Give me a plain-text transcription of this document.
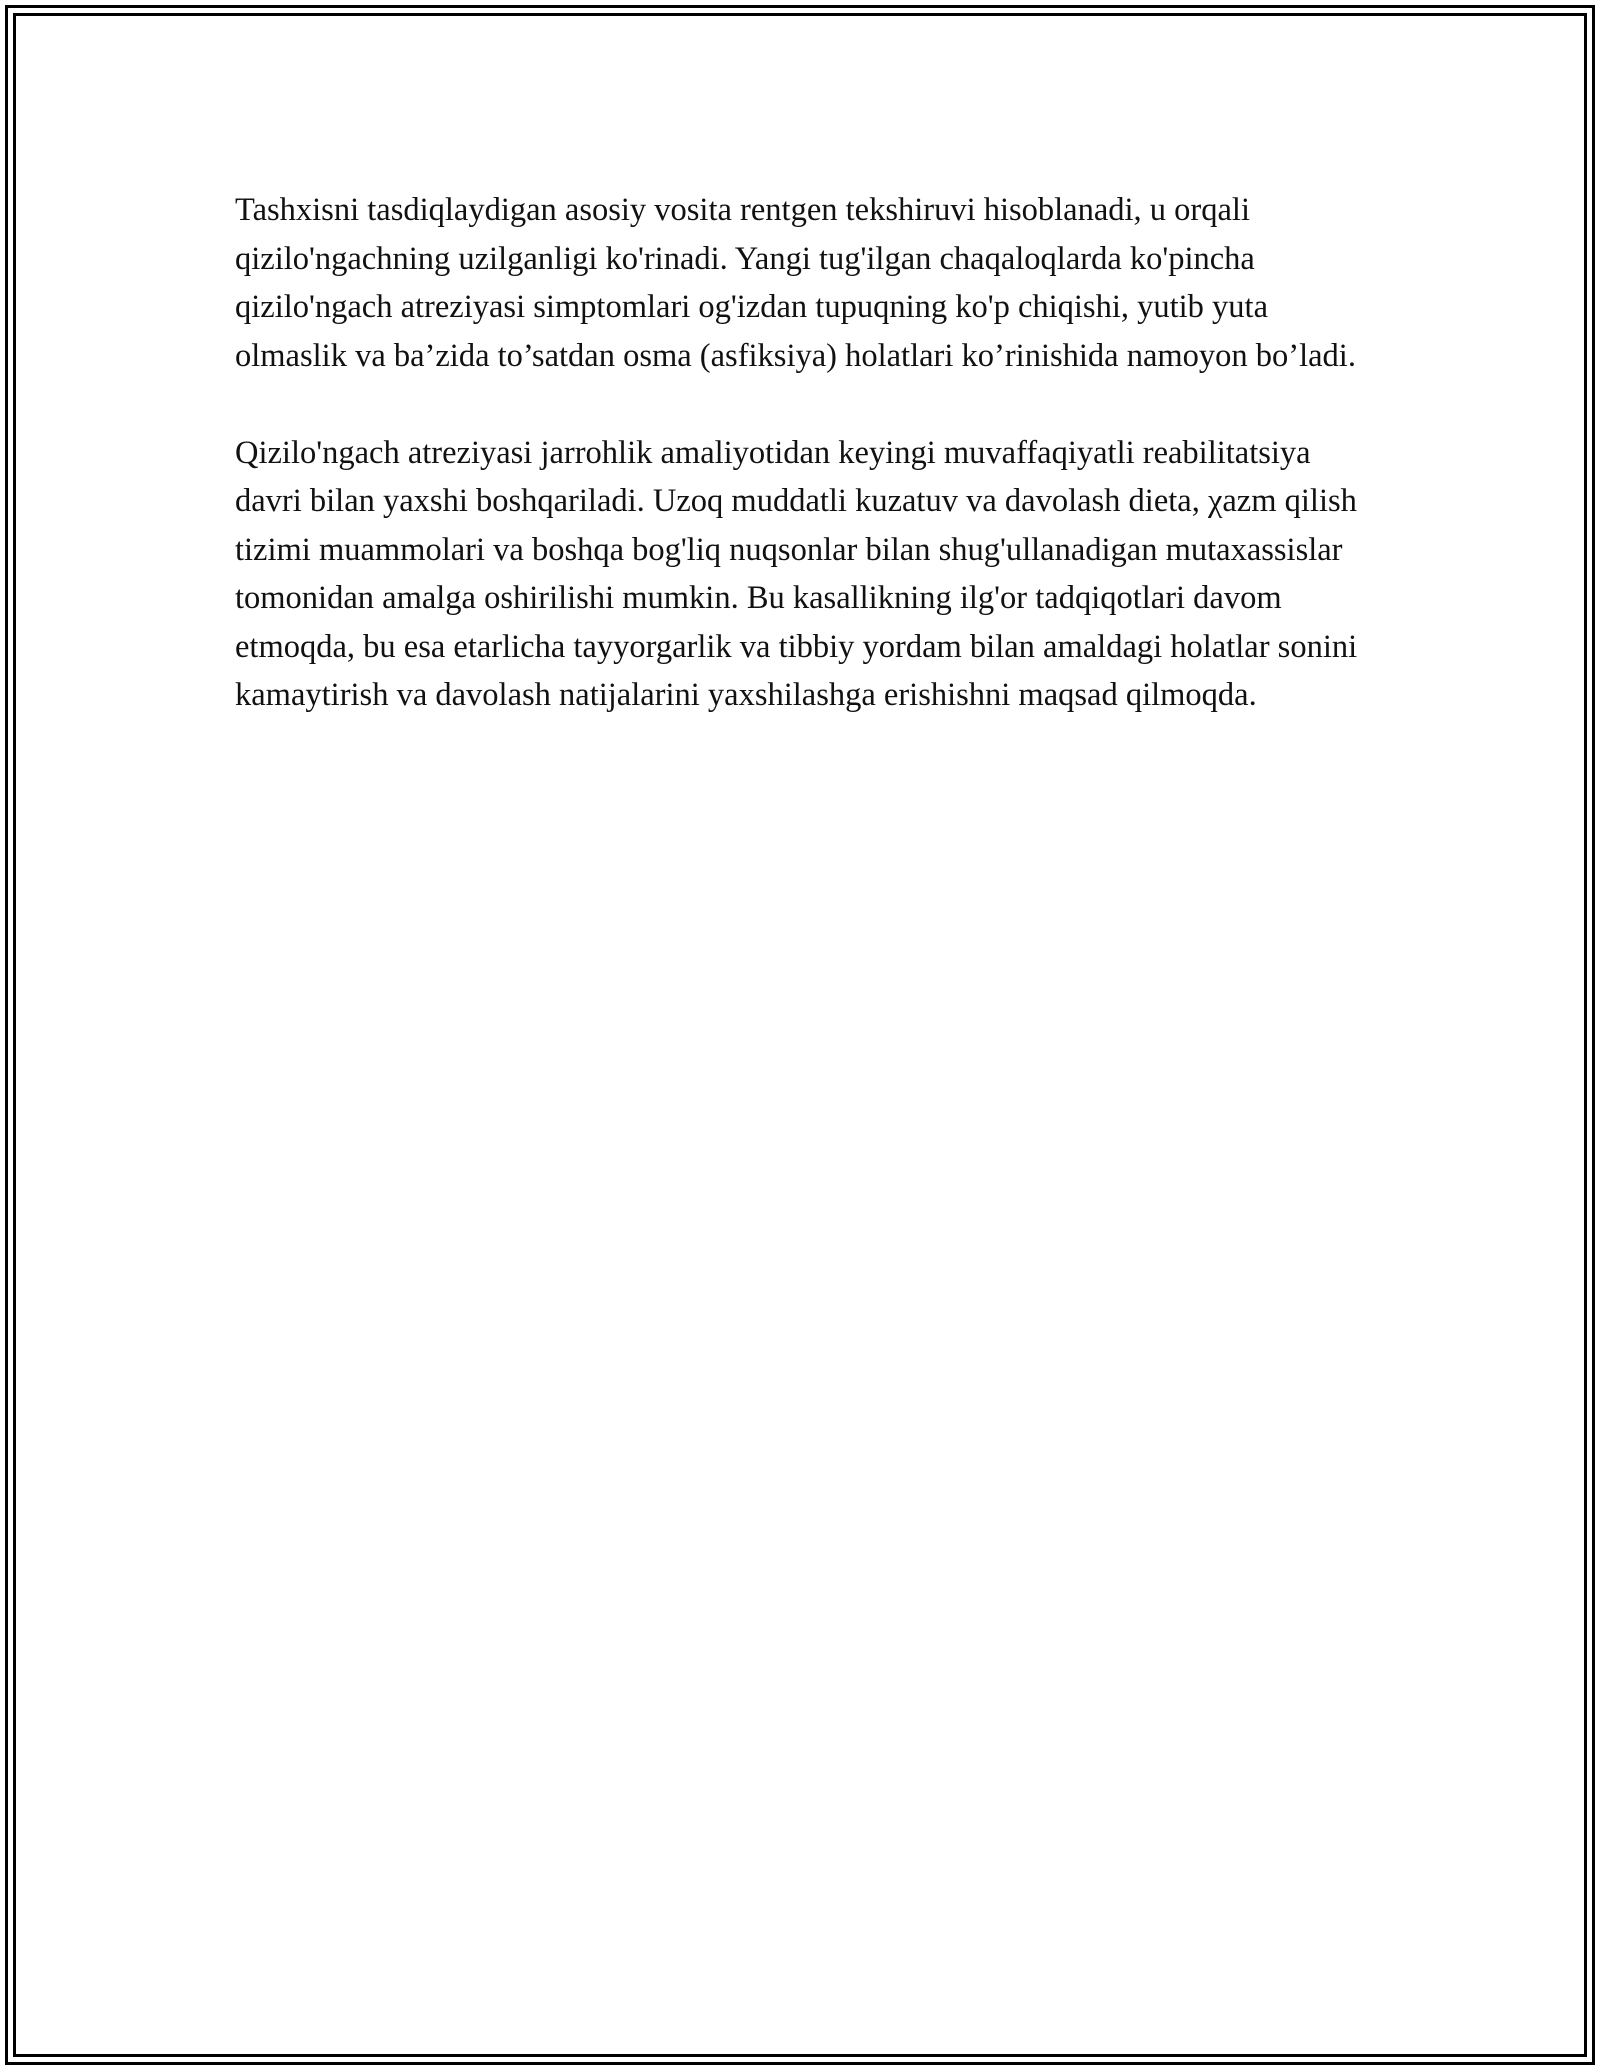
Tashxisni tasdiqlaydigan asosiy vosita rentgen tekshiruvi hisoblanadi, u orqali qizilo'ngachning uzilganligi ko'rinadi. Yangi tug'ilgan chaqaloqlarda ko'pincha qizilo'ngach atreziyasi simptomlari og'izdan tupuqning ko'p chiqishi, yutib yuta olmaslik va ba’zida to’satdan osma (asfiksiya) holatlari ko’rinishida namoyon bo’ladi.

Qizilo'ngach atreziyasi jarrohlik amaliyotidan keyingi muvaffaqiyatli reabilitatsiya davri bilan yaxshi boshqariladi. Uzoq muddatli kuzatuv va davolash dieta, χazm qilish tizimi muammolari va boshqa bog'liq nuqsonlar bilan shug'ullanadigan mutaxassislar tomonidan amalga oshirilishi mumkin. Bu kasallikning ilg'or tadqiqotlari davom etmoqda, bu esa etarlicha tayyorgarlik va tibbiy yordam bilan amaldagi holatlar sonini kamaytirish va davolash natijalarini yaxshilashga erishishni maqsad qilmoqda.
